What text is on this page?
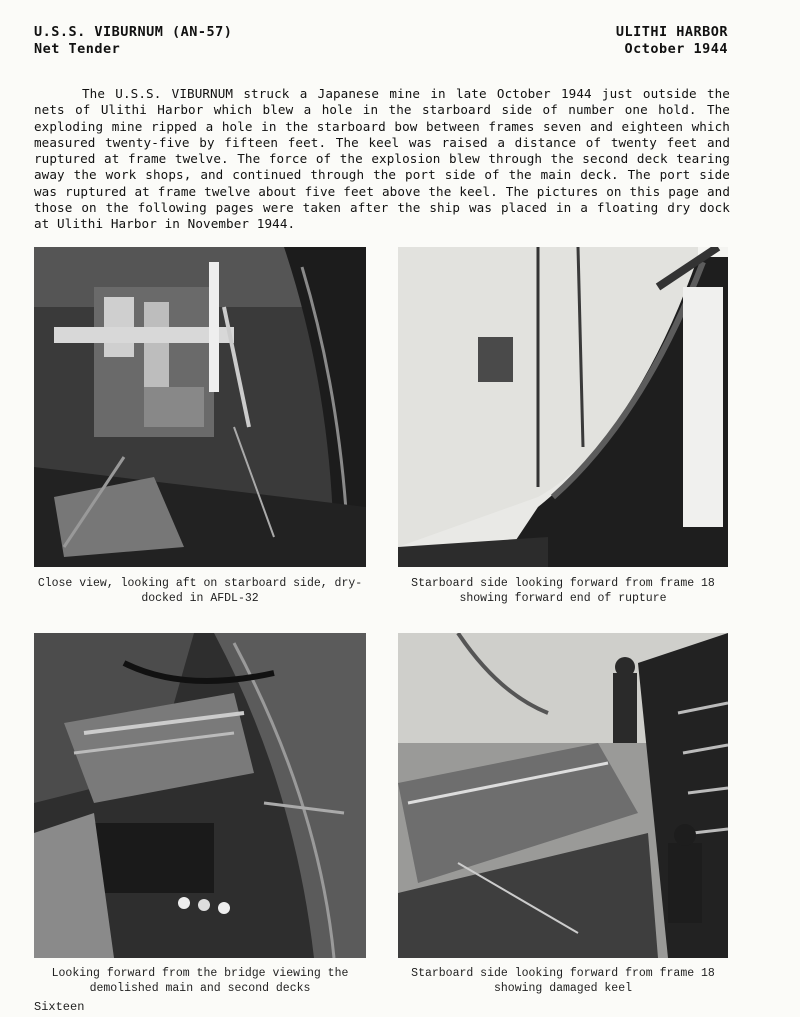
U.S.S. VIBURNUM (AN-57)
Net Tender
ULITHI HARBOR
October 1944

The U.S.S. VIBURNUM struck a Japanese mine in late October 1944 just outside the nets of Ulithi Harbor which blew a hole in the starboard side of number one hold. The exploding mine ripped a hole in the starboard bow between frames seven and eighteen which measured twenty-five by fifteen feet. The keel was raised a distance of twenty feet and ruptured at frame twelve. The force of the explosion blew through the second deck tearing away the work shops, and continued through the port side of the main deck. The port side was ruptured at frame twelve about five feet above the keel. The pictures on this page and those on the following pages were taken after the ship was placed in a floating dry dock at Ulithi Harbor in November 1944.

Close view, looking aft on starboard side, dry-
docked in AFDL-32
Starboard side looking forward from frame 18
showing forward end of rupture
Looking forward from the bridge viewing the
demolished main and second decks
Starboard side looking forward from frame 18
showing damaged keel
Sixteen
